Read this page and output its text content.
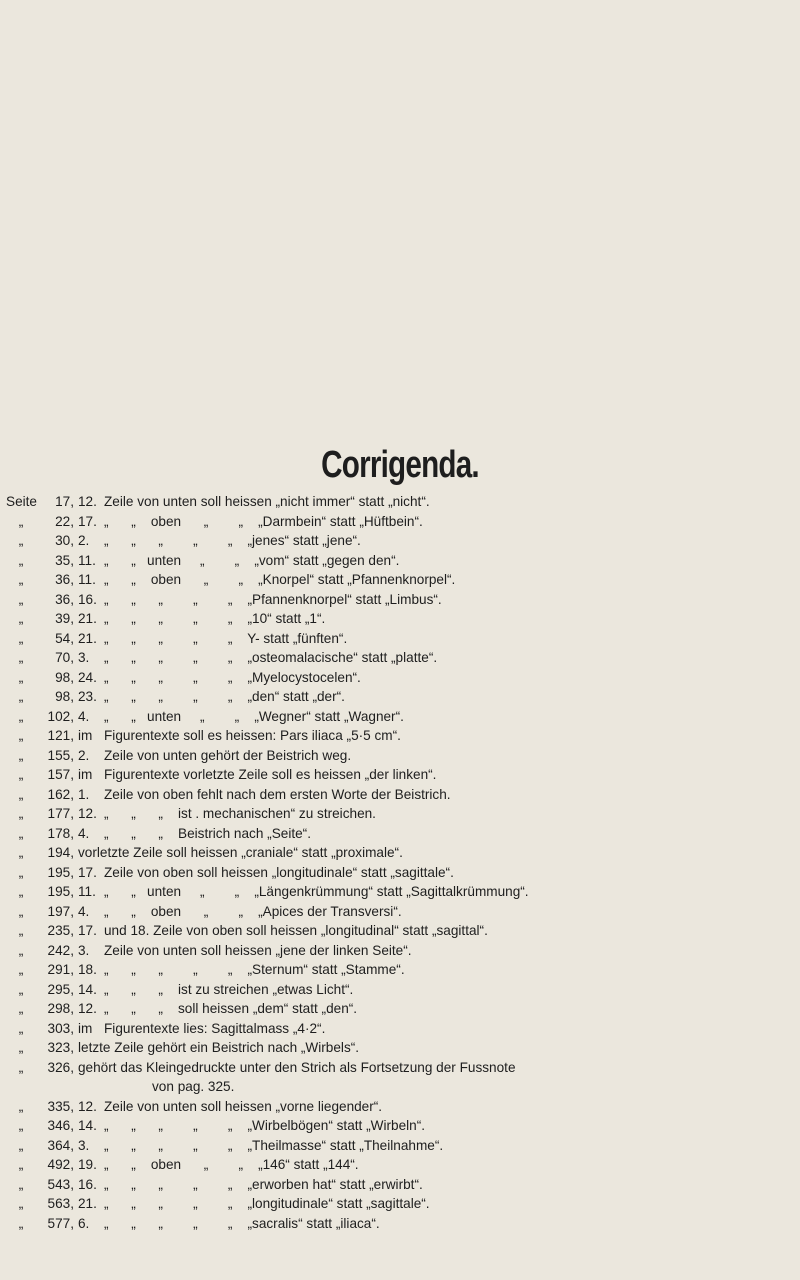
Corrigenda.
Seite	17, 12. Zeile von unten soll heissen „nicht immer“ statt „nicht“.
„	22, 17. „      „    oben      „        „    „Darmbein“ statt „Hüftbein“.
„	30, 2.	„      „      „        „        „    „jenes“ statt „jene“.
„	35, 11. „      „   unten     „        „    „vom“ statt „gegen den“.
„	36, 11. „      „    oben      „        „    „Knorpel“ statt „Pfannenknorpel“.
„	36, 16. „      „      „        „        „    „Pfannenknorpel“ statt „Limbus“.
„	39, 21. „      „      „        „        „    „10“ statt „1“.
„	54, 21. „      „      „        „        „    Y- statt „fünften“.
„	70, 3.	„      „      „        „        „    „osteomalacische“ statt „platte“.
„	98, 24. „      „      „        „        „    „Myelocystocelen“.
„	98, 23. „      „      „        „        „    „den“ statt „der“.
„	102, 4.	„      „   unten     „        „    „Wegner“ statt „Wagner“.
„	121, im Figurentexte soll es heissen: Pars iliaca „5·5 cm“.
„	155, 2.	Zeile von unten gehört der Beistrich weg.
„	157, im Figurentexte vorletzte Zeile soll es heissen „der linken“.
„	162, 1.	Zeile von oben fehlt nach dem ersten Worte der Beistrich.
„	177, 12. „      „      „    ist . mechanischen“ zu streichen.
„	178, 4.	„      „      „    Beistrich nach „Seite“.
„	194, vorletzte Zeile soll heissen „craniale“ statt „proximale“.
„	195, 17. Zeile von oben soll heissen „longitudinale“ statt „sagittale“.
„	195, 11. „      „   unten     „        „    „Längenkrümmung“ statt „Sagittalkrümmung“.
„	197, 4.	„      „    oben      „        „    „Apices der Transversi“.
„	235, 17. und 18. Zeile von oben soll heissen „longitudinal“ statt „sagittal“.
„	242, 3.	Zeile von unten soll heissen „jene der linken Seite“.
„	291, 18. „      „      „        „        „    „Sternum“ statt „Stamme“.
„	295, 14. „      „      „    ist zu streichen „etwas Licht“.
„	298, 12. „      „      „    soll heissen „dem“ statt „den“.
„	303, im Figurentexte lies: Sagittalmass „4·2“.
„	323, letzte Zeile gehört ein Beistrich nach „Wirbels“.
„	326, gehört das Kleingedruckte unter den Strich als Fortsetzung der Fussnote
von pag. 325.
„	335, 12. Zeile von unten soll heissen „vorne liegender“.
„	346, 14. „      „      „        „        „    „Wirbelbögen“ statt „Wirbeln“.
„	364, 3.	„      „      „        „        „    „Theilmasse“ statt „Theilnahme“.
„	492, 19. „      „    oben      „        „    „146“ statt „144“.
„	543, 16. „      „      „        „        „    „erworben hat“ statt „erwirbt“.
„	563, 21. „      „      „        „        „    „longitudinale“ statt „sagittale“.
„	577, 6.	„      „      „        „        „    „sacralis“ statt „iliaca“.
